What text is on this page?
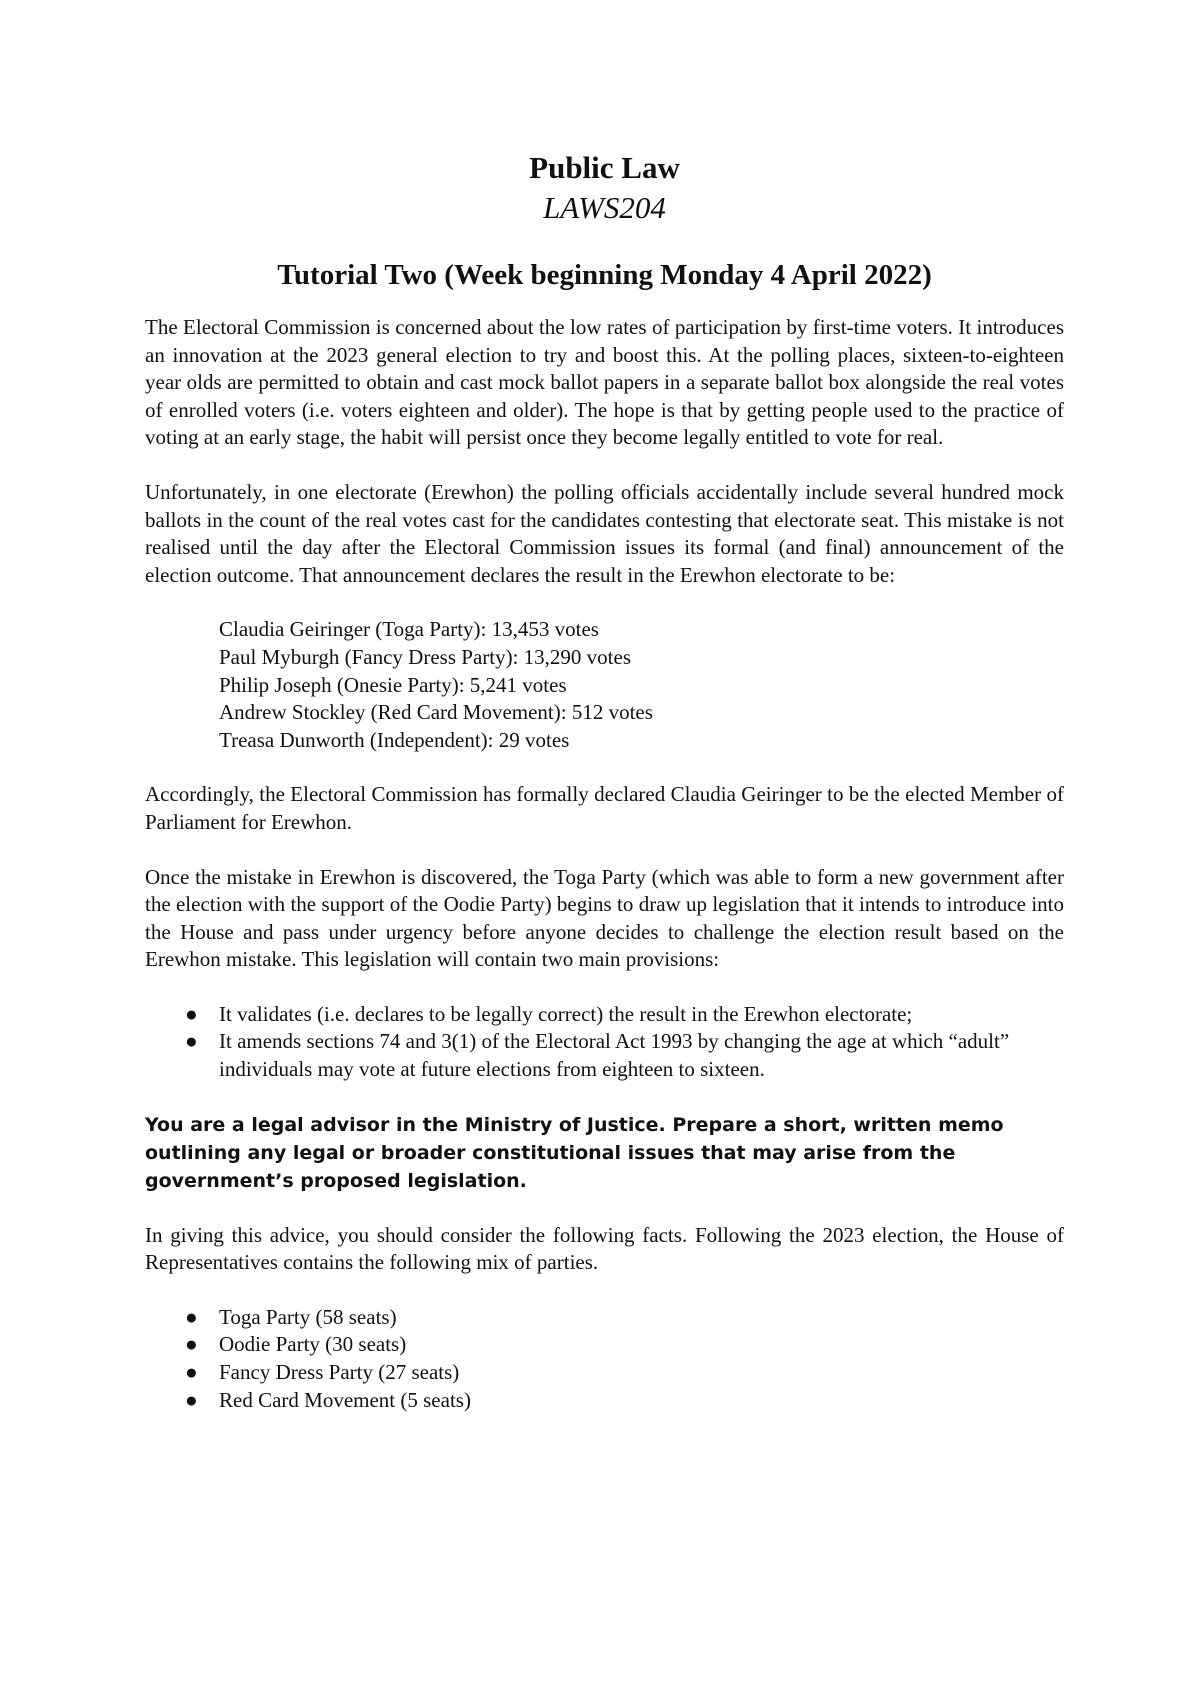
Public Law
LAWS204
Tutorial Two (Week beginning Monday 4 April 2022)

The Electoral Commission is concerned about the low rates of participation by first-time voters. It introduces an innovation at the 2023 general election to try and boost this. At the polling places, sixteen-to-eighteen year olds are permitted to obtain and cast mock ballot papers in a separate ballot box alongside the real votes of enrolled voters (i.e. voters eighteen and older). The hope is that by getting people used to the practice of voting at an early stage, the habit will persist once they become legally entitled to vote for real.

Unfortunately, in one electorate (Erewhon) the polling officials accidentally include several hundred mock ballots in the count of the real votes cast for the candidates contesting that electorate seat. This mistake is not realised until the day after the Electoral Commission issues its formal (and final) announcement of the election outcome. That announcement declares the result in the Erewhon electorate to be:

Claudia Geiringer (Toga Party): 13,453 votes
Paul Myburgh (Fancy Dress Party): 13,290 votes
Philip Joseph (Onesie Party): 5,241 votes
Andrew Stockley (Red Card Movement): 512 votes
Treasa Dunworth (Independent): 29 votes

Accordingly, the Electoral Commission has formally declared Claudia Geiringer to be the elected Member of Parliament for Erewhon.

Once the mistake in Erewhon is discovered, the Toga Party (which was able to form a new government after the election with the support of the Oodie Party) begins to draw up legislation that it intends to introduce into the House and pass under urgency before anyone decides to challenge the election result based on the Erewhon mistake. This legislation will contain two main provisions:

● It validates (i.e. declares to be legally correct) the result in the Erewhon electorate;
● It amends sections 74 and 3(1) of the Electoral Act 1993 by changing the age at which “adult” individuals may vote at future elections from eighteen to sixteen.

You are a legal advisor in the Ministry of Justice. Prepare a short, written memo outlining any legal or broader constitutional issues that may arise from the government’s proposed legislation.

In giving this advice, you should consider the following facts. Following the 2023 election, the House of Representatives contains the following mix of parties.

● Toga Party (58 seats)
● Oodie Party (30 seats)
● Fancy Dress Party (27 seats)
● Red Card Movement (5 seats)
